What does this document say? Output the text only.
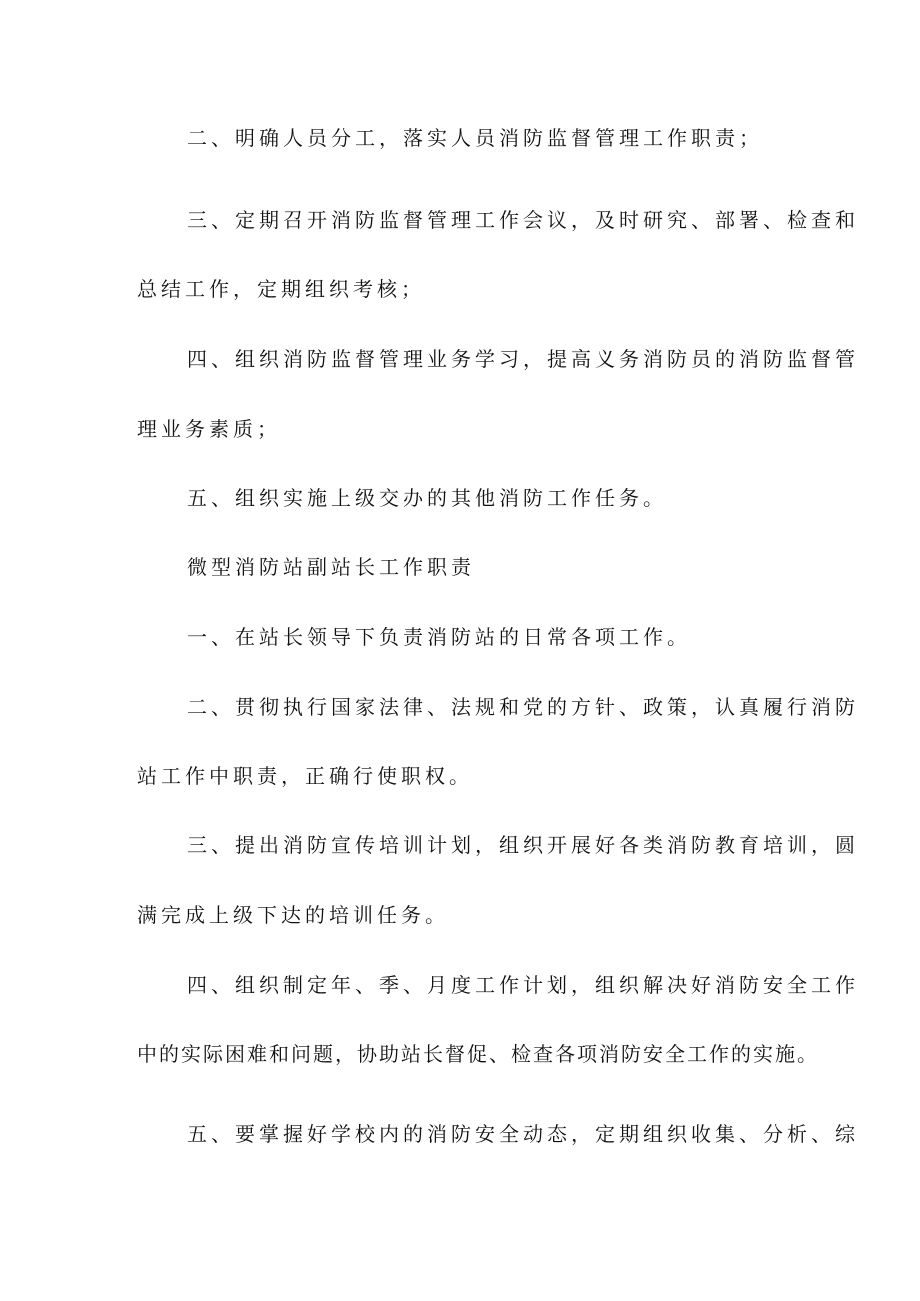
二、明确人员分工，落实人员消防监督管理工作职责；

三、定期召开消防监督管理工作会议，及时研究、部署、检查和

总结工作，定期组织考核；

四、组织消防监督管理业务学习，提高义务消防员的消防监督管

理业务素质；

五、组织实施上级交办的其他消防工作任务。

微型消防站副站长工作职责

一、在站长领导下负责消防站的日常各项工作。

二、贯彻执行国家法律、法规和党的方针、政策，认真履行消防

站工作中职责，正确行使职权。

三、提出消防宣传培训计划，组织开展好各类消防教育培训，圆

满完成上级下达的培训任务。

四、组织制定年、季、月度工作计划，组织解决好消防安全工作

中的实际困难和问题，协助站长督促、检查各项消防安全工作的实施。

五、要掌握好学校内的消防安全动态，定期组织收集、分析、综
